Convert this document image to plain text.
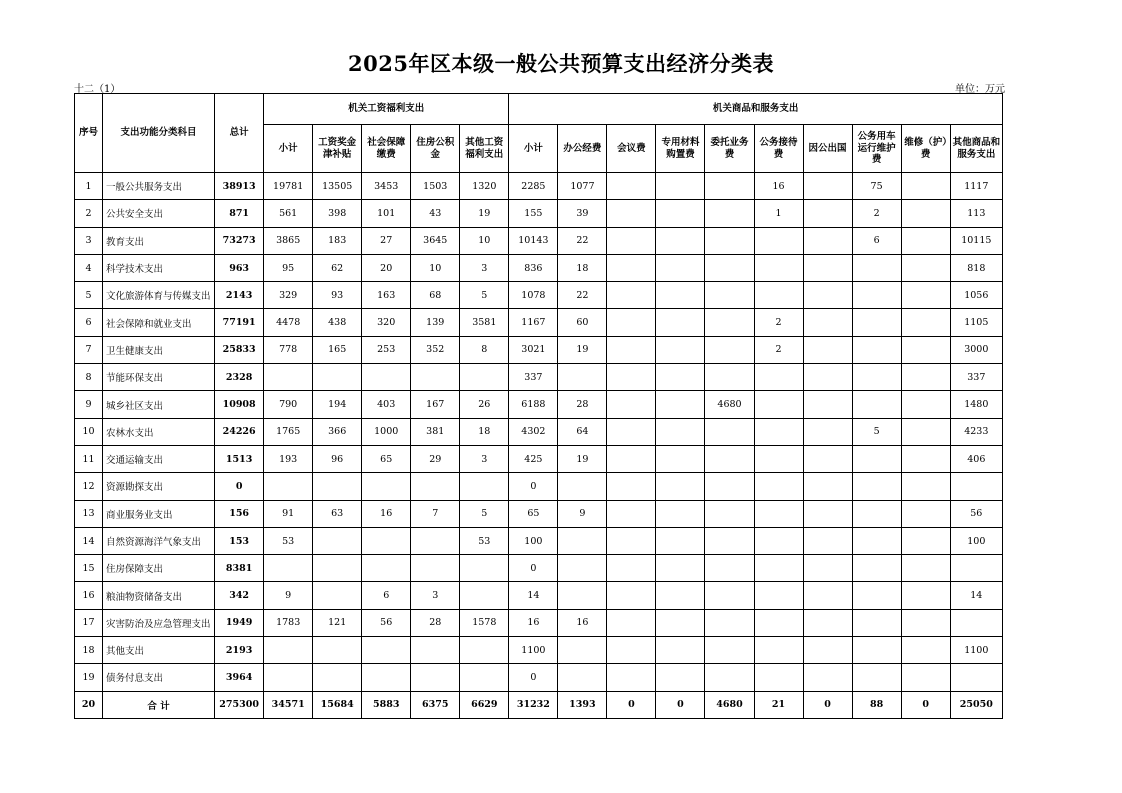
2025年区本级一般公共预算支出经济分类表
十二（1）	单位：万元
序号	支出功能分类科目	总计	机关工资福利支出					机关商品和服务支出									
			小计	工资奖金津补贴	社会保障缴费	住房公积金	其他工资福利支出	小计	办公经费	会议费	专用材料购置费	委托业务费	公务接待费	因公出国	公务用车运行维护费	维修（护）费	其他商品和服务支出
1	一般公共服务支出	38913	19781	13505	3453	1503	1320	2285	1077				16		75		1117
2	公共安全支出	871	561	398	101	43	19	155	39				1		2		113
3	教育支出	73273	3865	183	27	3645	10	10143	22						6		10115
4	科学技术支出	963	95	62	20	10	3	836	18								818
5	文化旅游体育与传媒支出	2143	329	93	163	68	5	1078	22								1056
6	社会保障和就业支出	77191	4478	438	320	139	3581	1167	60				2				1105
7	卫生健康支出	25833	778	165	253	352	8	3021	19				2				3000
8	节能环保支出	2328						337									337
9	城乡社区支出	10908	790	194	403	167	26	6188	28			4680					1480
10	农林水支出	24226	1765	366	1000	381	18	4302	64						5		4233
11	交通运输支出	1513	193	96	65	29	3	425	19								406
12	资源勘探支出	0						0									
13	商业服务业支出	156	91	63	16	7	5	65	9								56
14	自然资源海洋气象支出	153	53				53	100									100
15	住房保障支出	8381						0									
16	粮油物资储备支出	342	9		6	3		14									14
17	灾害防治及应急管理支出	1949	1783	121	56	28	1578	16	16								
18	其他支出	2193						1100									1100
19	债务付息支出	3964						0									
20	合 计	275300	34571	15684	5883	6375	6629	31232	1393	0	0	4680	21	0	88	0	25050
